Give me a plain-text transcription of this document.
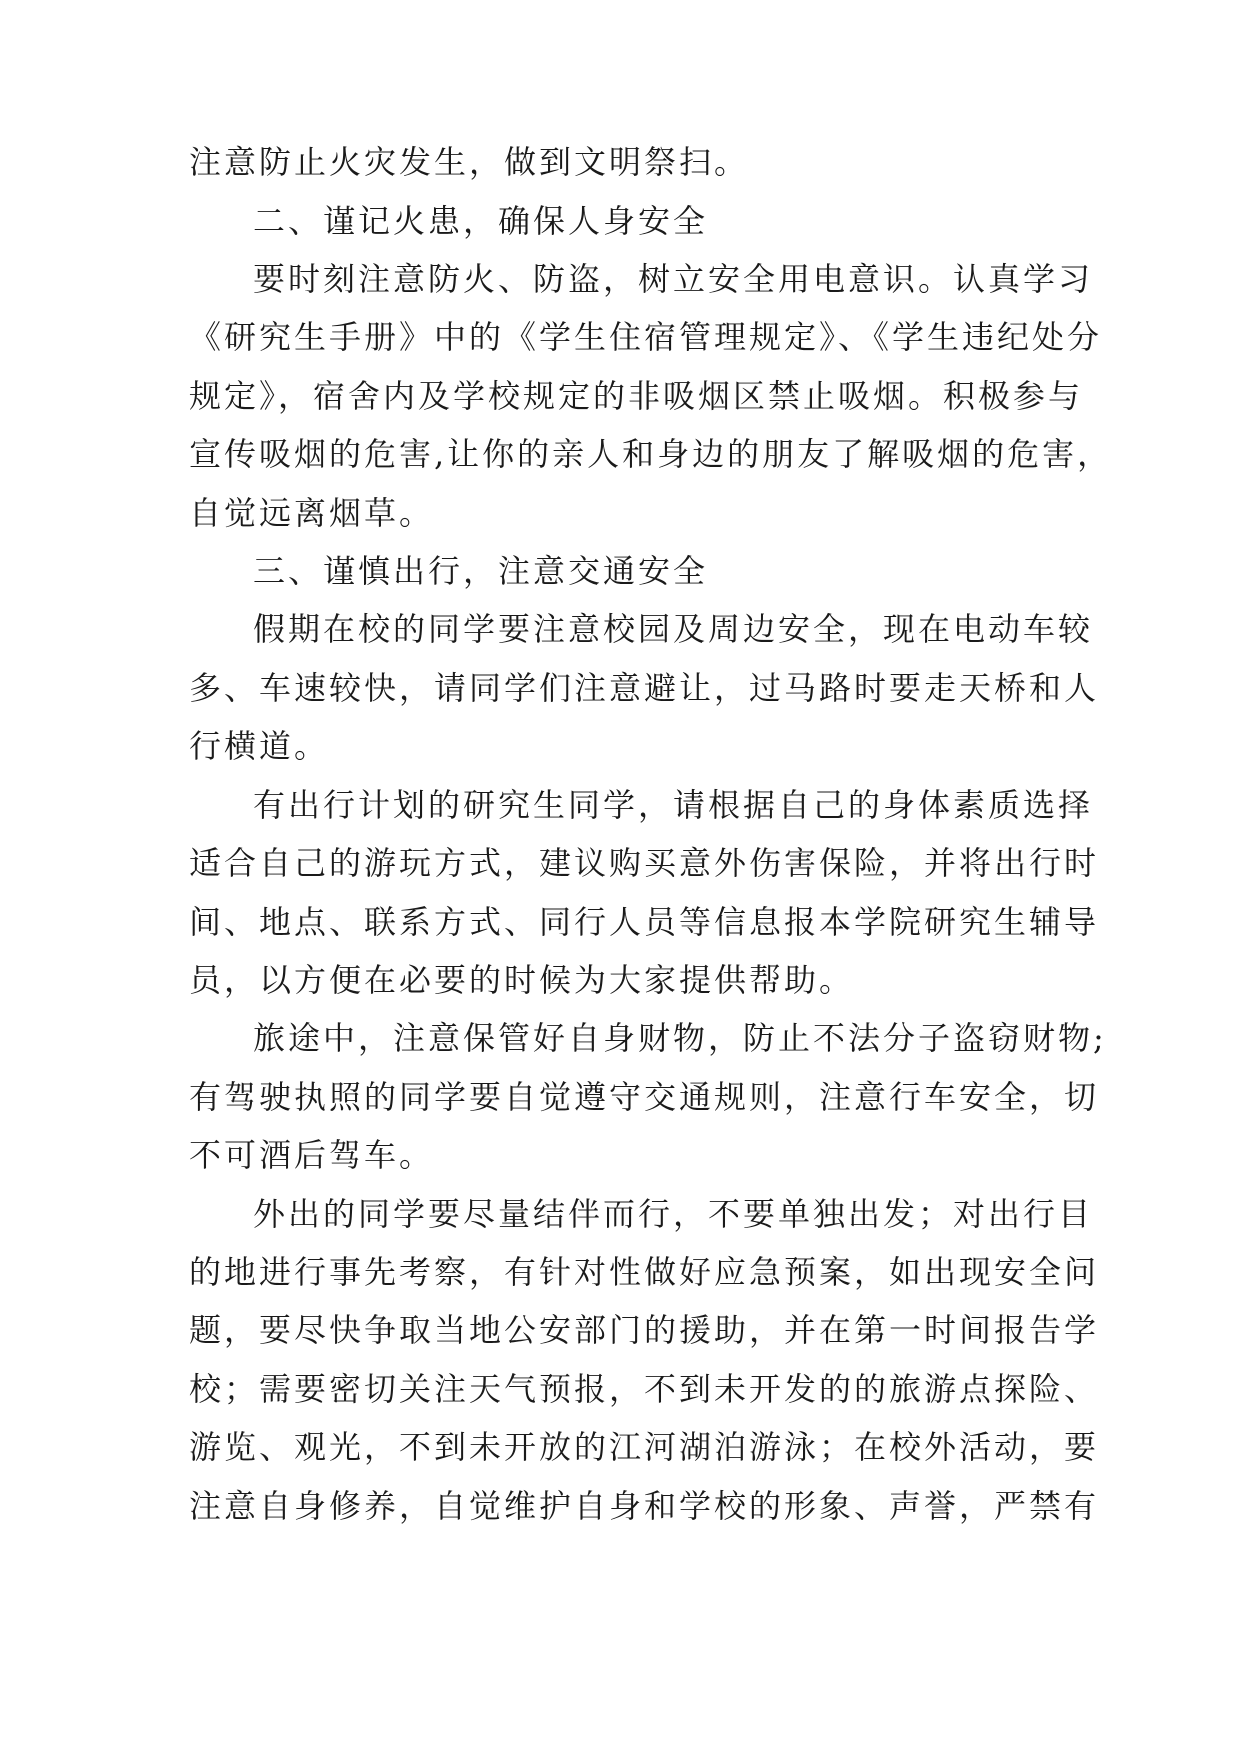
注意防止火灾发生，做到文明祭扫。
二、谨记火患，确保人身安全
要时刻注意防火、防盗，树立安全用电意识。认真学习
《研究生手册》中的《学生住宿管理规定》、《学生违纪处分
规定》，宿舍内及学校规定的非吸烟区禁止吸烟。积极参与
宣传吸烟的危害,让你的亲人和身边的朋友了解吸烟的危害，
自觉远离烟草。
三、谨慎出行，注意交通安全
假期在校的同学要注意校园及周边安全，现在电动车较
多、车速较快，请同学们注意避让，过马路时要走天桥和人
行横道。
有出行计划的研究生同学，请根据自己的身体素质选择
适合自己的游玩方式，建议购买意外伤害保险，并将出行时
间、地点、联系方式、同行人员等信息报本学院研究生辅导
员，以方便在必要的时候为大家提供帮助。
旅途中，注意保管好自身财物，防止不法分子盗窃财物;
有驾驶执照的同学要自觉遵守交通规则，注意行车安全，切
不可酒后驾车。
外出的同学要尽量结伴而行，不要单独出发；对出行目
的地进行事先考察，有针对性做好应急预案，如出现安全问
题，要尽快争取当地公安部门的援助，并在第一时间报告学
校；需要密切关注天气预报，不到未开发的的旅游点探险、
游览、观光，不到未开放的江河湖泊游泳；在校外活动，要
注意自身修养，自觉维护自身和学校的形象、声誉，严禁有
